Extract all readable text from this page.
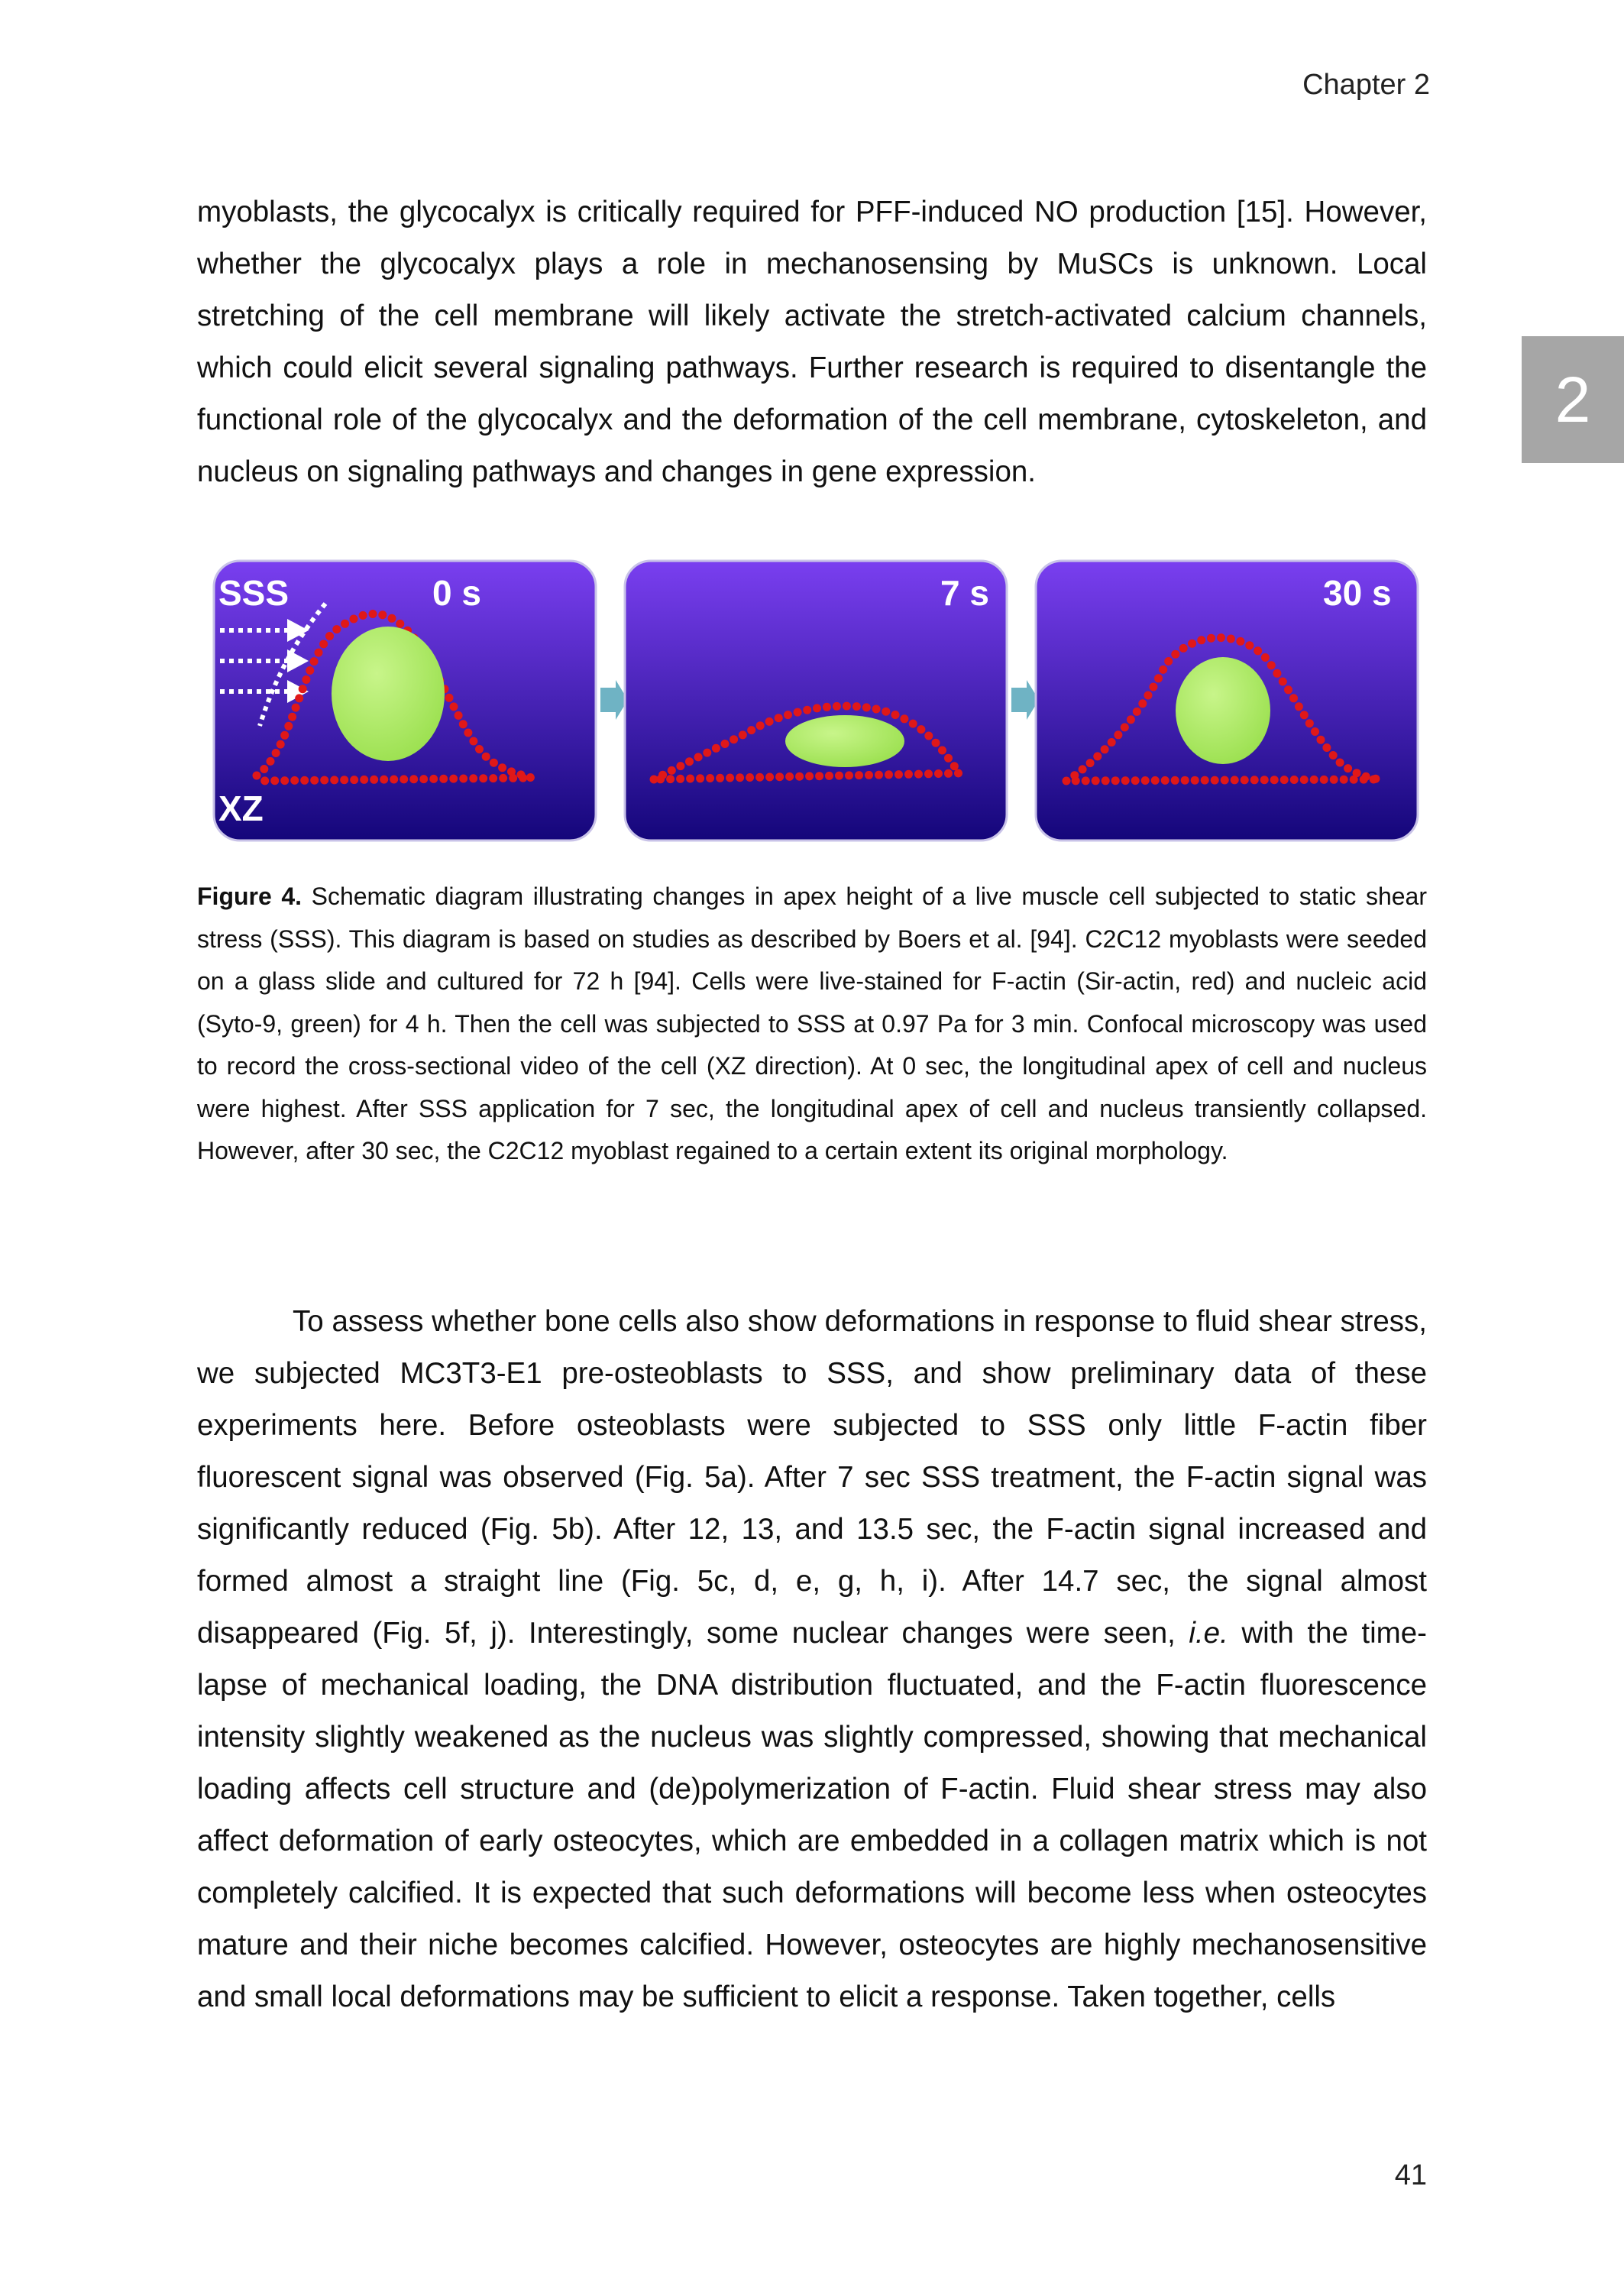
Chapter 2
2

myoblasts, the glycocalyx is critically required for PFF-induced NO production [15]. However, whether the glycocalyx plays a role in mechanosensing by MuSCs is unknown. Local stretching of the cell membrane will likely activate the stretch-activated calcium channels, which could elicit several signaling pathways. Further research is required to disentangle the functional role of the glycocalyx and the deformation of the cell membrane, cytoskeleton, and nucleus on signaling pathways and changes in gene expression.

0 s
SSS
XZ
7 s	30 s
Figure 4. Schematic diagram illustrating changes in apex height of a live muscle cell subjected to static shear stress (SSS). This diagram is based on studies as described by Boers et al. [94]. C2C12 myoblasts were seeded on a glass slide and cultured for 72 h [94]. Cells were live-stained for F-actin (Sir-actin, red) and nucleic acid (Syto-9, green) for 4 h. Then the cell was subjected to SSS at 0.97 Pa for 3 min. Confocal microscopy was used to record the cross-sectional video of the cell (XZ direction). At 0 sec, the longitudinal apex of cell and nucleus were highest. After SSS application for 7 sec, the longitudinal apex of cell and nucleus transiently collapsed. However, after 30 sec, the C2C12 myoblast regained to a certain extent its original morphology.

To assess whether bone cells also show deformations in response to fluid shear stress, we subjected MC3T3-E1 pre-osteoblasts to SSS, and show preliminary data of these experiments here. Before osteoblasts were subjected to SSS only little F-actin fiber fluorescent signal was observed (Fig. 5a). After 7 sec SSS treatment, the F-actin signal was significantly reduced (Fig. 5b). After 12, 13, and 13.5 sec, the F-actin signal increased and formed almost a straight line (Fig. 5c, d, e, g, h, i). After 14.7 sec, the signal almost disappeared (Fig. 5f, j). Interestingly, some nuclear changes were seen, i.e. with the time-lapse of mechanical loading, the DNA distribution fluctuated, and the F-actin fluorescence intensity slightly weakened as the nucleus was slightly compressed, showing that mechanical loading affects cell structure and (de)polymerization of F-actin. Fluid shear stress may also affect deformation of early osteocytes, which are embedded in a collagen matrix which is not completely calcified. It is expected that such deformations will become less when osteocytes mature and their niche becomes calcified. However, osteocytes are highly mechanosensitive and small local deformations may be sufficient to elicit a response. Taken together, cells

41
